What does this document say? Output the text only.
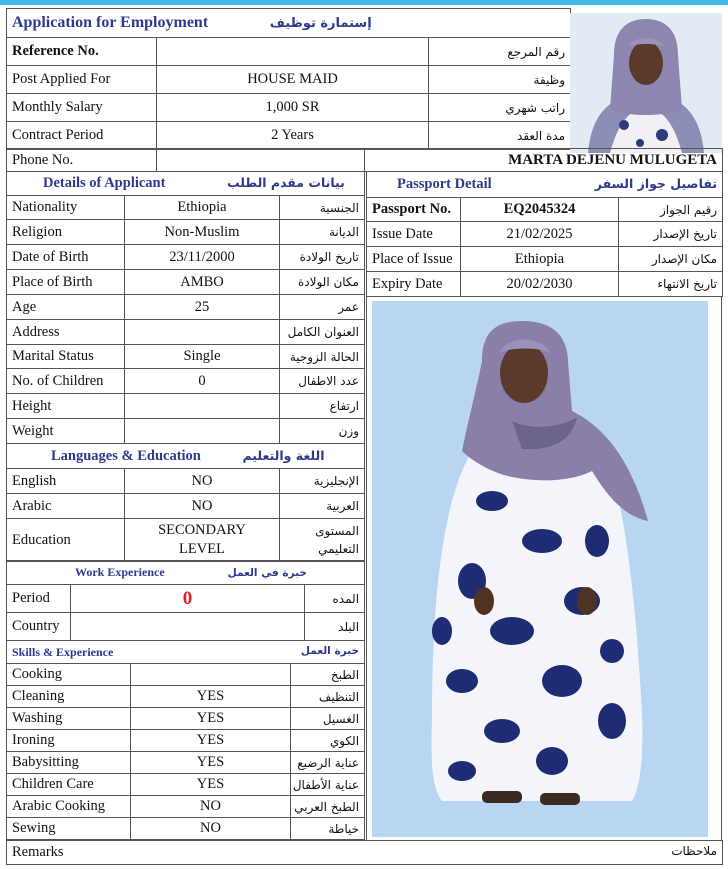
Application for Employment إستمارة توظيف		
Reference No.		رقم المرجع
Post Applied For	HOUSE MAID	وظيفة
Monthly Salary	1,000 SR	راتب شهري
Contract Period	2 Years	مدة العقد
Phone No.		MARTA DEJENU MULUGETA
Details of Applicant بيانات مقدم الطلب		
Nationality	Ethiopia	الجنسية
Religion	Non-Muslim	الديانة
Date of Birth	23/11/2000	تاريخ الولادة
Place of Birth	AMBO	مكان الولادة
Age	25	عمر
Address		العنوان الكامل
Marital Status	Single	الحالة الزوجية
No. of Children	0	عدد الاطفال
Height		ارتفاع
Weight		وزن
Languages & Education اللغة والتعليم		
English	NO	الإنجليزية
Arabic	NO	العربية
Education	SECONDARY LEVEL	المستوى التعليمي
Work Experience خبرة في العمل		
Period	0	المده
Country		البلد
Skills & Experience خبرة العمل		

Cooking		الطبخ
Cleaning	YES	التنظيف
Washing	YES	الغسيل
Ironing	YES	الكوي
Babysitting	YES	عناية الرضيع
Children Care	YES	عناية الأطفال
Arabic Cooking	NO	الطبخ العربي
Sewing	NO	خياطة
Passport Detail تفاصيل جواز السفر		

Passport No.	EQ2045324	رقيم الجواز
Issue Date	21/02/2025	تاريخ الإصدار
Place of Issue	Ethiopia	مكان الإصدار
Expiry Date	20/02/2030	تاريخ الانتهاء
Remarks	ملاحظات
